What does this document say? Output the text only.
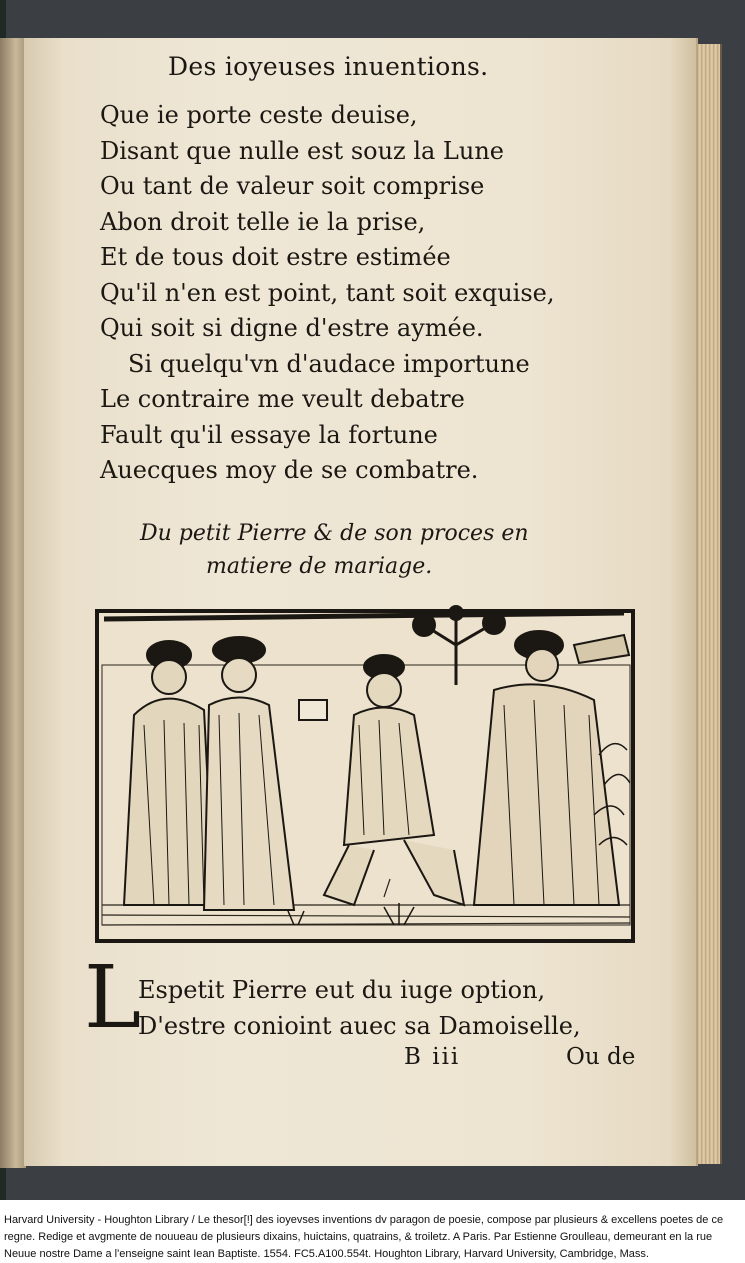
Des ioyeuses inuentions.
Que ie porte ceste deuise,
Disant que nulle est souz la Lune
Ou tant de valeur soit comprise
Abon droit telle ie la prise,
Et de tous doit estre estimée
Qu'il n'en est point, tant soit exquise,
Qui soit si digne d'estre aymée.
Si quelqu'vn d'audace importune
Le contraire me veult debatre
Fault qu'il essaye la fortune
Auecques moy de se combatre.
Du petit Pierre & de son proces en
matiere de mariage.
L
Espetit Pierre eut du iuge option,
D'estre conioint auec sa Damoiselle,
B iii	Ou de
Harvard University - Houghton Library / Le thesor[!] des ioyevses inventions dv paragon de poesie, compose par plusieurs & excellens poetes de ce regne. Redige et avgmente de nouueau de plusieurs dixains, huictains, quatrains, & troiletz. A Paris. Par Estienne Groulleau, demeurant en la rue Neuue nostre Dame a l'enseigne saint Iean Baptiste. 1554. FC5.A100.554t. Houghton Library, Harvard University, Cambridge, Mass.
